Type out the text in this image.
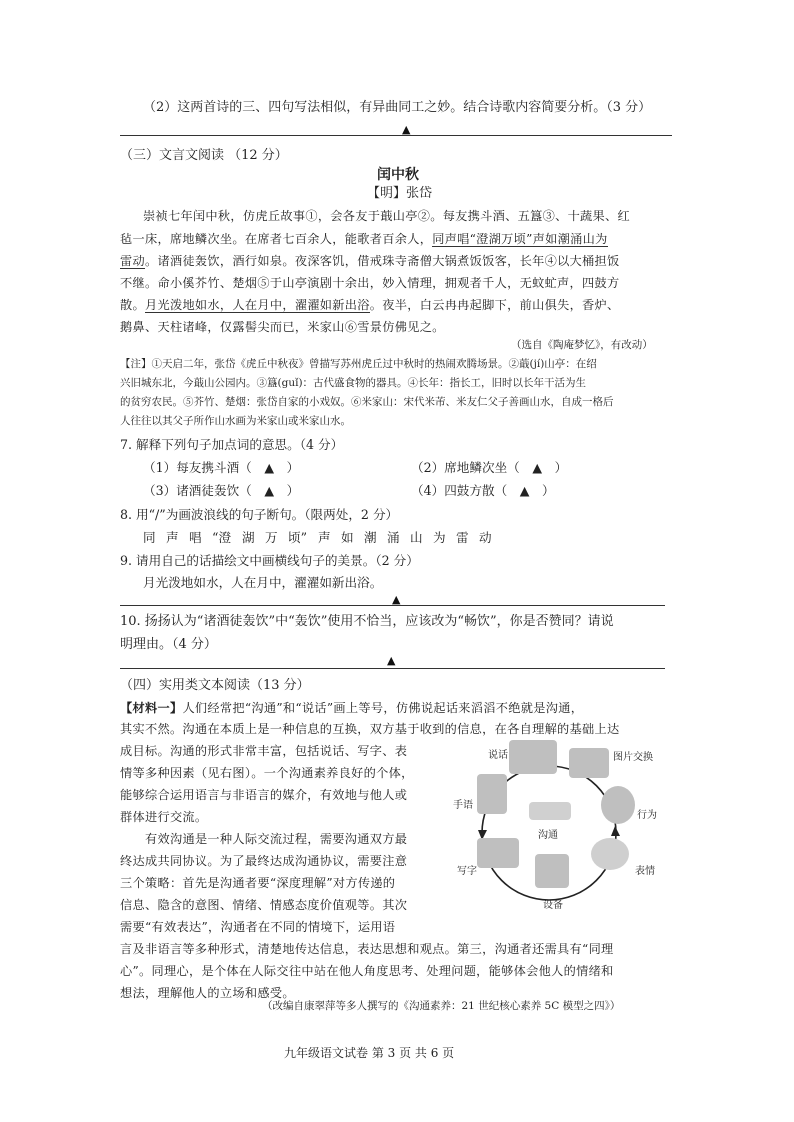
（2）这两首诗的三、四句写法相似，有异曲同工之妙。结合诗歌内容简要分析。（3 分）
▲
（三）文言文阅读 （12 分）
闰中秋
【明】张岱
崇祯七年闰中秋，仿虎丘故事①，会各友于蕺山亭②。每友携斗酒、五簋③、十蔬果、红
毡一床，席地鳞次坐。在席者七百余人，能歌者百余人，同声唱“澄湖万顷”声如潮涌山为
雷动。诸酒徒轰饮，酒行如泉。夜深客饥，借戒珠寺斋僧大锅煮饭饭客，长年④以大桶担饭
不继。命小傒芥竹、楚烟⑤于山亭演剧十余出，妙入情理，拥观者千人，无蚊虻声，四鼓方
散。月光泼地如水，人在月中，濯濯如新出浴。夜半，白云冉冉起脚下，前山俱失，香炉、
鹅鼻、天柱诸峰，仅露髻尖而已，米家山⑥雪景仿佛见之。
（选自《陶庵梦忆》，有改动）
【注】①天启二年，张岱《虎丘中秋夜》曾描写苏州虎丘过中秋时的热闹欢腾场景。②蕺(jí)山亭：在绍
兴旧城东北，今蕺山公园内。③簋(guǐ)：古代盛食物的器具。④长年：指长工，旧时以长年干活为生
的贫穷农民。⑤芥竹、楚烟：张岱自家的小戏奴。⑥米家山：宋代米芾、米友仁父子善画山水，自成一格后
人往往以其父子所作山水画为米家山或米家山水。
7. 解释下列句子加点词的意思。（4 分）
（1）每友携斗酒（　▲　）	（2）席地鳞次坐（　▲　）
（3）诸酒徒轰饮（　▲　）	（4）四鼓方散（　▲　）
8. 用“/”为画波浪线的句子断句。（限两处，2 分）
同 声 唱 “澄 湖 万 顷” 声 如 潮 涌 山 为 雷 动
9. 请用自己的话描绘文中画横线句子的美景。（2 分）
月光泼地如水，人在月中，濯濯如新出浴。
▲
10. 扬扬认为“诸酒徒轰饮”中“轰饮”使用不恰当，应该改为“畅饮”，你是否赞同？请说
明理由。（4 分）
▲
（四）实用类文本阅读（13 分）
【材料一】人们经常把“沟通”和“说话”画上等号，仿佛说起话来滔滔不绝就是沟通，
其实不然。沟通在本质上是一种信息的互换，双方基于收到的信息，在各自理解的基础上达
成目标。沟通的形式非常丰富，包括说话、写字、表
情等多种因素（见右图）。一个沟通素养良好的个体，
能够综合运用语言与非语言的媒介，有效地与他人或
群体进行交流。
有效沟通是一种人际交流过程，需要沟通双方最
终达成共同协议。为了最终达成沟通协议，需要注意
三个策略：首先是沟通者要“深度理解”对方传递的
信息、隐含的意图、情绪、情感态度价值观等。其次
需要“有效表达”，沟通者在不同的情境下，运用语
言及非语言等多种形式，清楚地传达信息，表达思想和观点。第三，沟通者还需具有“同理
心”。同理心，是个体在人际交往中站在他人角度思考、处理问题，能够体会他人的情绪和
想法，理解他人的立场和感受。
（改编自康翠萍等多人撰写的《沟通素养：21 世纪核心素养 5C 模型之四》）
沟通
说话	图片交换
行为
表情
设备
写字
手语
九年级语文试卷 第 3 页 共 6 页
